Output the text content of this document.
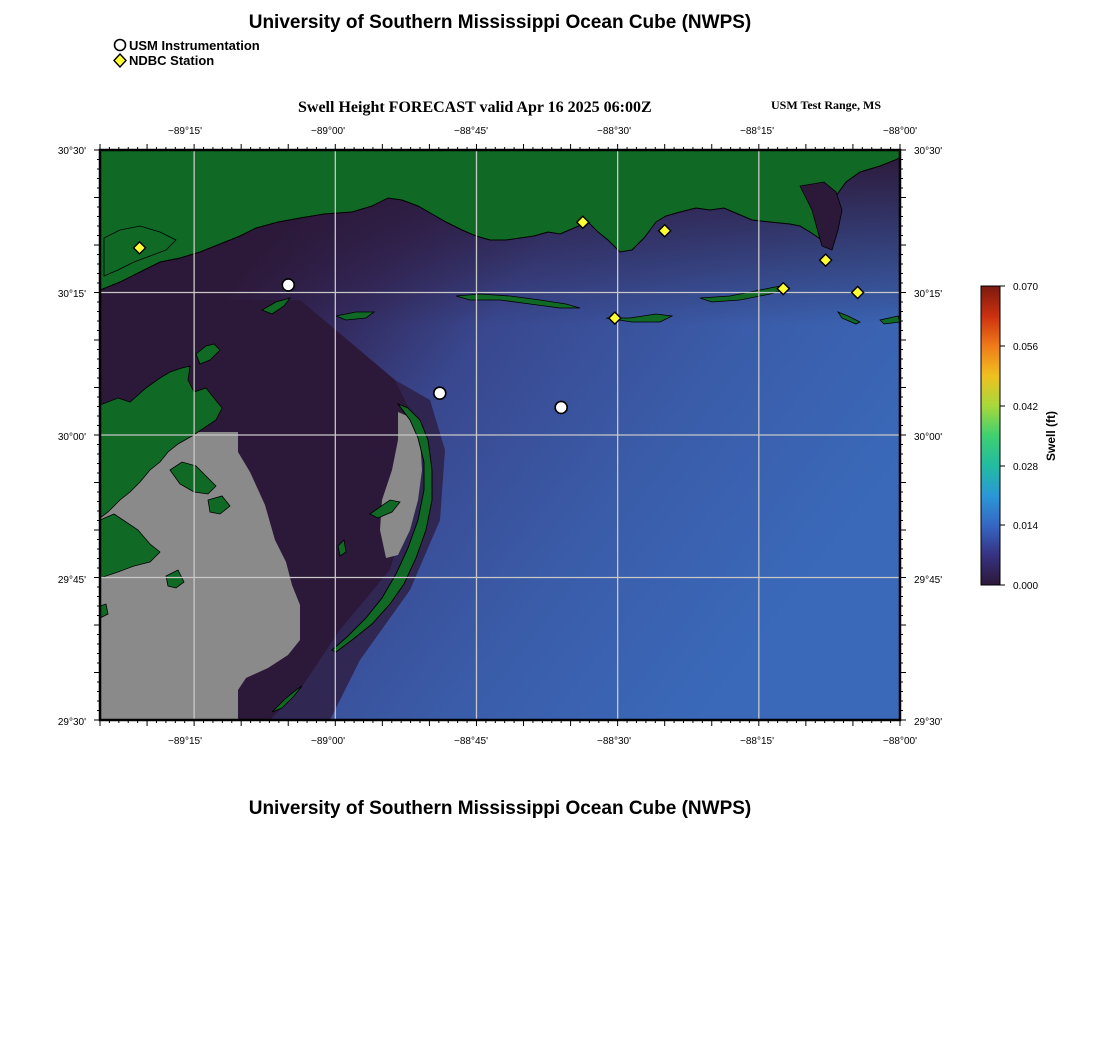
University of Southern Mississippi Ocean Cube (NWPS)
USM Instrumentation
NDBC Station
Swell Height FORECAST valid Apr 16 2025 06:00Z	USM Test Range, MS
−89°15'	−89°00'	−88°45'	−88°30'	−88°15'	−88°00'
−89°15'	−89°00'	−88°45'	−88°30'	−88°15'	−88°00'
30°30'
30°15'
30°00'
29°45'
29°30'
30°30'
30°15'
30°00'
29°45'
29°30'
0.070
0.056
0.042
0.028
0.014
0.000
Swell (ft)
University of Southern Mississippi Ocean Cube (NWPS)
